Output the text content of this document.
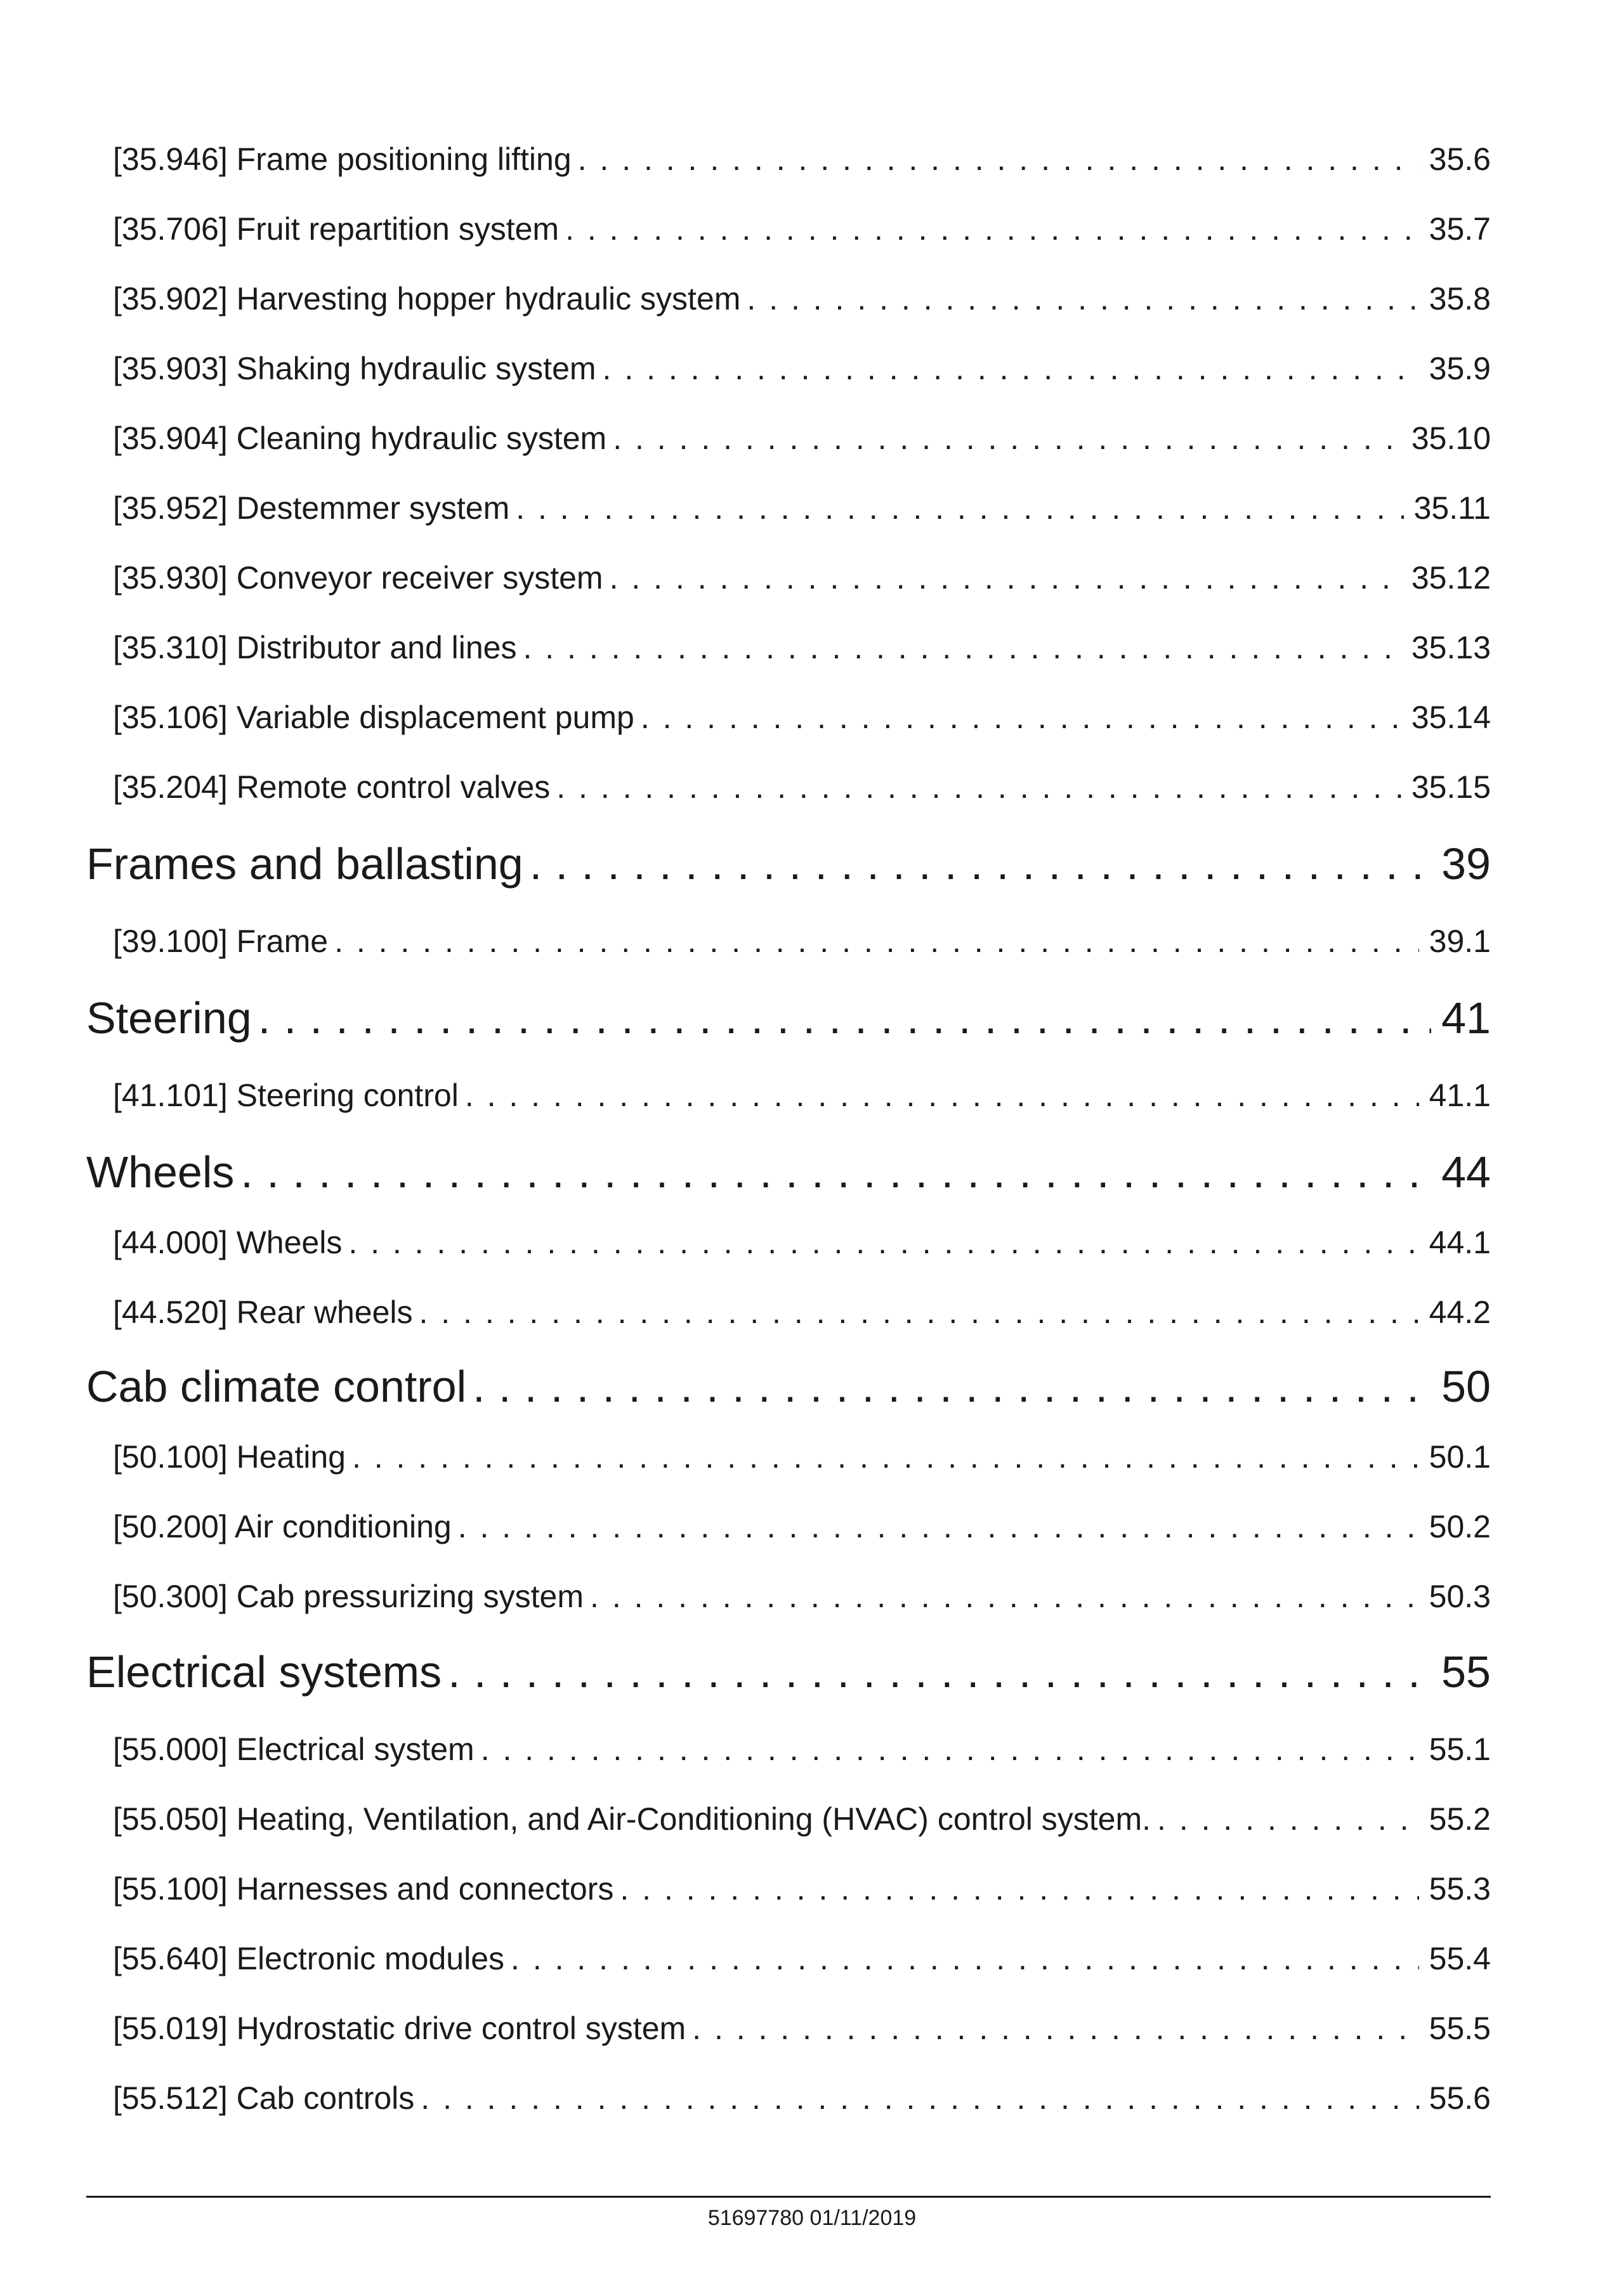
[35.946] Frame positioning lifting . . .	35.6
[35.706] Fruit repartition system . . .	35.7
[35.902] Harvesting hopper hydraulic system . . .	35.8
[35.903] Shaking hydraulic system . . .	35.9
[35.904] Cleaning hydraulic system . . .	35.10
[35.952] Destemmer system . . .	35.11
[35.930] Conveyor receiver system . . .	35.12
[35.310] Distributor and lines . . .	35.13
[35.106] Variable displacement pump . . .	35.14
[35.204] Remote control valves . . .	35.15
Frames and ballasting . . .	39
[39.100] Frame . . .	39.1
Steering . . .	41
[41.101] Steering control . . .	41.1
Wheels . . .	44
[44.000] Wheels . . .	44.1
[44.520] Rear wheels . . .	44.2
Cab climate control . . .	50
[50.100] Heating . . .	50.1
[50.200] Air conditioning . . .	50.2
[50.300] Cab pressurizing system . . .	50.3
Electrical systems . . .	55
[55.000] Electrical system . . .	55.1
[55.050] Heating, Ventilation, and Air-Conditioning (HVAC) control system. . . .	55.2
[55.100] Harnesses and connectors . . .	55.3
[55.640] Electronic modules . . .	55.4
[55.019] Hydrostatic drive control system . . .	55.5
[55.512] Cab controls . . .	55.6
51697780 01/11/2019
